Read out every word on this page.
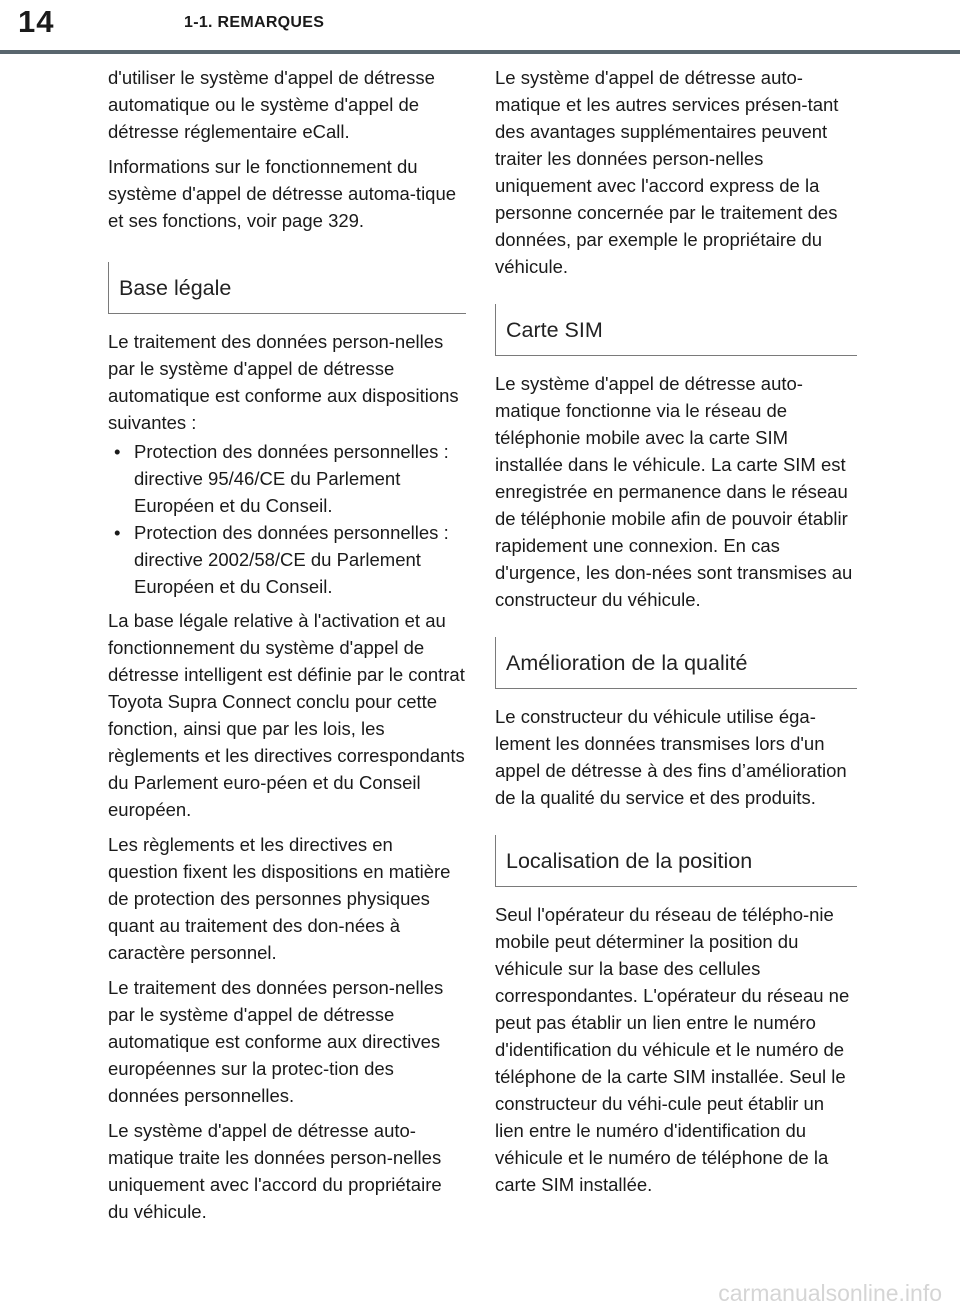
14	1-1. REMARQUES

d'utiliser le système d'appel de détresse automatique ou le système d'appel de détresse réglementaire eCall.

Informations sur le fonctionnement du système d'appel de détresse automa-tique et ses fonctions, voir page 329.

Base légale

Le traitement des données person-nelles par le système d'appel de détresse automatique est conforme aux dispositions suivantes :

• Protection des données personnelles : directive 95/46/CE du Parlement Européen et du Conseil.
• Protection des données personnelles : directive 2002/58/CE du Parlement Européen et du Conseil.

La base légale relative à l'activation et au fonctionnement du système d'appel de détresse intelligent est définie par le contrat Toyota Supra Connect conclu pour cette fonction, ainsi que par les lois, les règlements et les directives correspondants du Parlement euro-péen et du Conseil européen.

Les règlements et les directives en question fixent les dispositions en matière de protection des personnes physiques quant au traitement des don-nées à caractère personnel.

Le traitement des données person-nelles par le système d'appel de détresse automatique est conforme aux directives européennes sur la protec-tion des données personnelles.

Le système d'appel de détresse auto-matique traite les données person-nelles uniquement avec l'accord du propriétaire du véhicule.

Le système d'appel de détresse auto-matique et les autres services présen-tant des avantages supplémentaires peuvent traiter les données person-nelles uniquement avec l'accord express de la personne concernée par le traitement des données, par exemple le propriétaire du véhicule.

Carte SIM

Le système d'appel de détresse auto-matique fonctionne via le réseau de téléphonie mobile avec la carte SIM installée dans le véhicule. La carte SIM est enregistrée en permanence dans le réseau de téléphonie mobile afin de pouvoir établir rapidement une connexion. En cas d'urgence, les don-nées sont transmises au constructeur du véhicule.

Amélioration de la qualité

Le constructeur du véhicule utilise éga-lement les données transmises lors d'un appel de détresse à des fins d’amélioration de la qualité du service et des produits.

Localisation de la position

Seul l'opérateur du réseau de télépho-nie mobile peut déterminer la position du véhicule sur la base des cellules correspondantes. L'opérateur du réseau ne peut pas établir un lien entre le numéro d'identification du véhicule et le numéro de téléphone de la carte SIM installée. Seul le constructeur du véhi-cule peut établir un lien entre le numéro d'identification du véhicule et le numéro de téléphone de la carte SIM installée.

carmanualsonline.info
